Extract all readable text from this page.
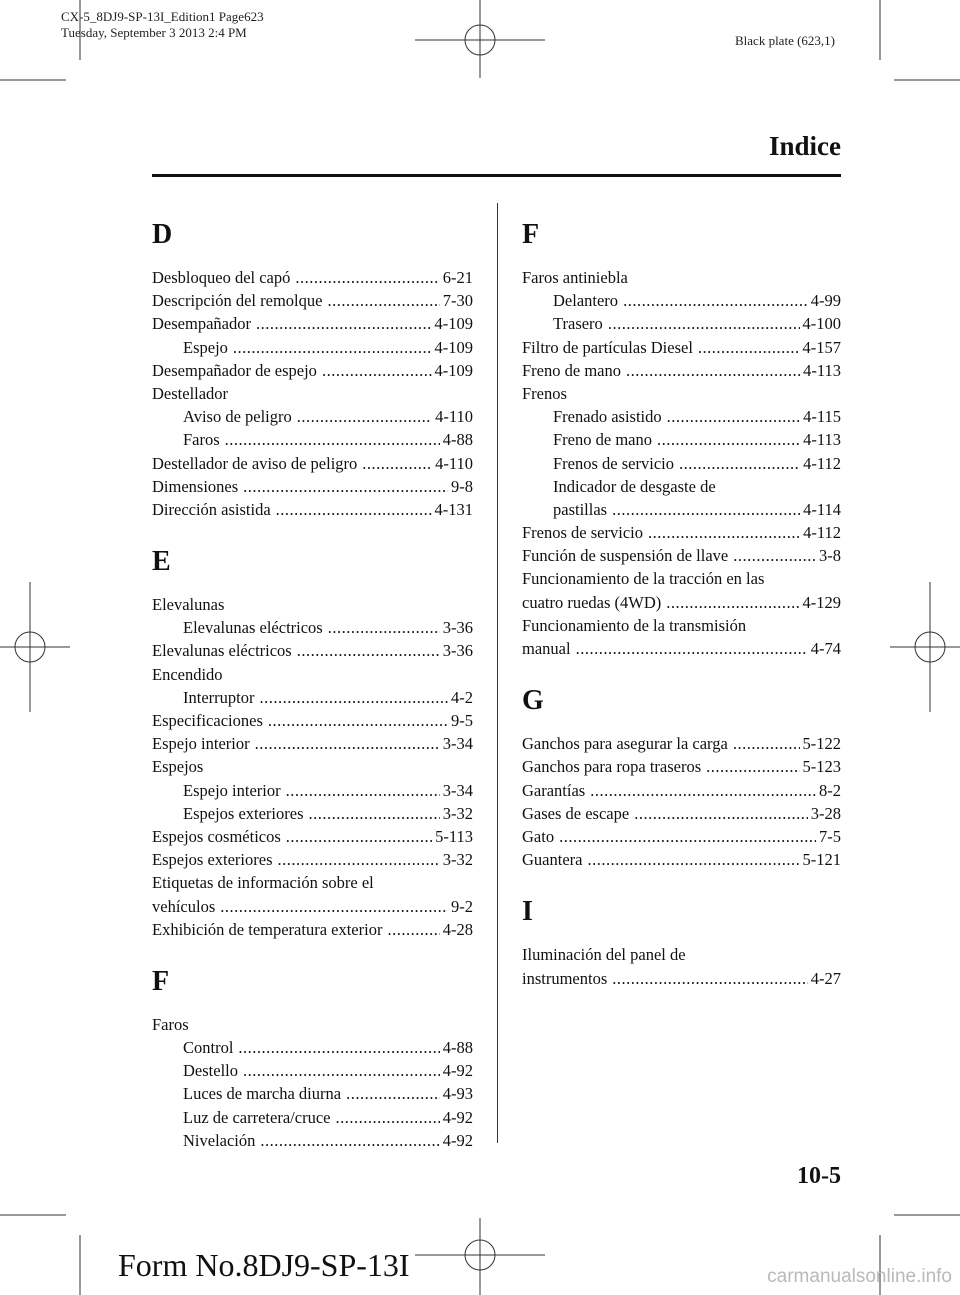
CX-5_8DJ9-SP-13I_Edition1 Page623
Tuesday, September 3 2013 2:4 PM
Black plate (623,1)
Indice
D
Desbloqueo del capó .....	6-21
Descripción del remolque .....	7-30
Desempañador .....	4-109
Espejo .....	4-109
Desempañador de espejo .....	4-109
Destellador
Aviso de peligro .....	4-110
Faros .....	4-88
Destellador de aviso de peligro .....	4-110
Dimensiones .....	9-8
Dirección asistida .....	4-131
E
Elevalunas
Elevalunas eléctricos .....	3-36
Elevalunas eléctricos .....	3-36
Encendido
Interruptor .....	4-2
Especificaciones .....	9-5
Espejo interior .....	3-34
Espejos
Espejo interior .....	3-34
Espejos exteriores .....	3-32
Espejos cosméticos .....	5-113
Espejos exteriores .....	3-32
Etiquetas de información sobre el
vehículos .....	9-2
Exhibición de temperatura exterior .....	4-28
F
Faros
Control .....	4-88
Destello .....	4-92
Luces de marcha diurna .....	4-93
Luz de carretera/cruce .....	4-92
Nivelación .....	4-92
F
Faros antiniebla
Delantero .....	4-99
Trasero .....	4-100
Filtro de partículas Diesel .....	4-157
Freno de mano .....	4-113
Frenos
Frenado asistido .....	4-115
Freno de mano .....	4-113
Frenos de servicio .....	4-112
Indicador de desgaste de
pastillas .....	4-114
Frenos de servicio .....	4-112
Función de suspensión de llave .....	3-8
Funcionamiento de la tracción en las
cuatro ruedas (4WD) .....	4-129
Funcionamiento de la transmisión
manual .....	4-74
G
Ganchos para asegurar la carga .....	5-122
Ganchos para ropa traseros .....	5-123
Garantías .....	8-2
Gases de escape .....	3-28
Gato .....	7-5
Guantera .....	5-121
I
Iluminación del panel de
instrumentos .....	4-27
10-5
Form No.8DJ9-SP-13I	carmanualsonline.info
